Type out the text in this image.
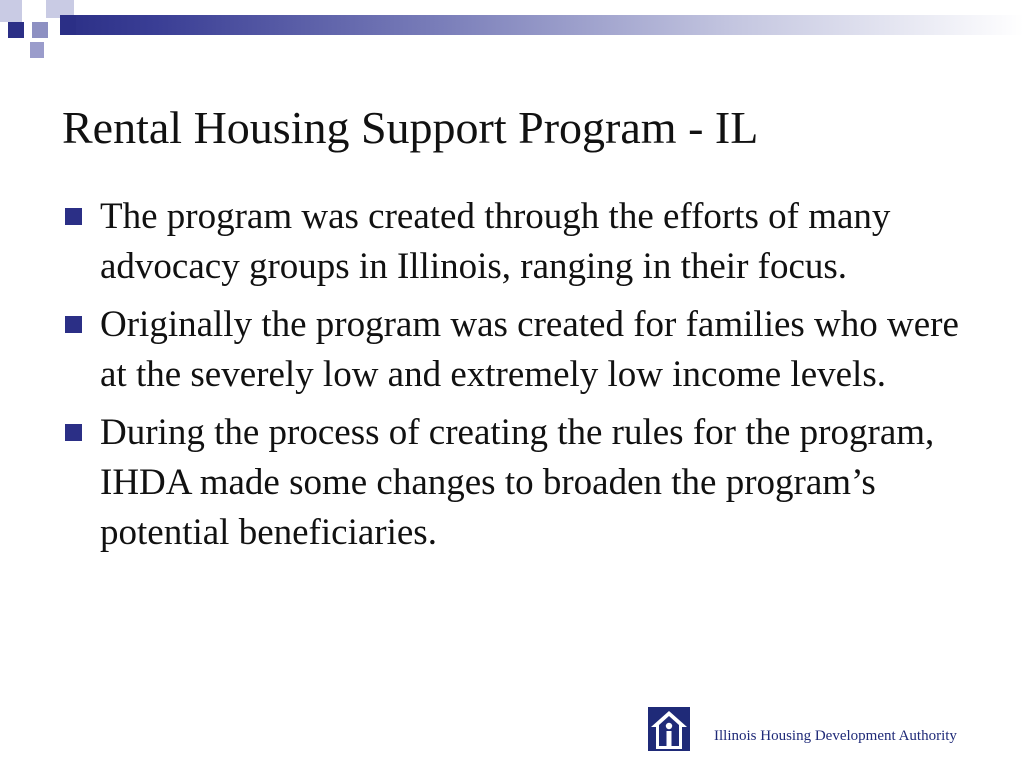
Rental Housing Support Program - IL
The program was created through the efforts of many advocacy groups in Illinois, ranging in their focus.
Originally the program was created for families who were at the severely low and extremely low income levels.
During the process of creating the rules for the program, IHDA made some changes to broaden the program’s potential beneficiaries.
Illinois Housing Development Authority
